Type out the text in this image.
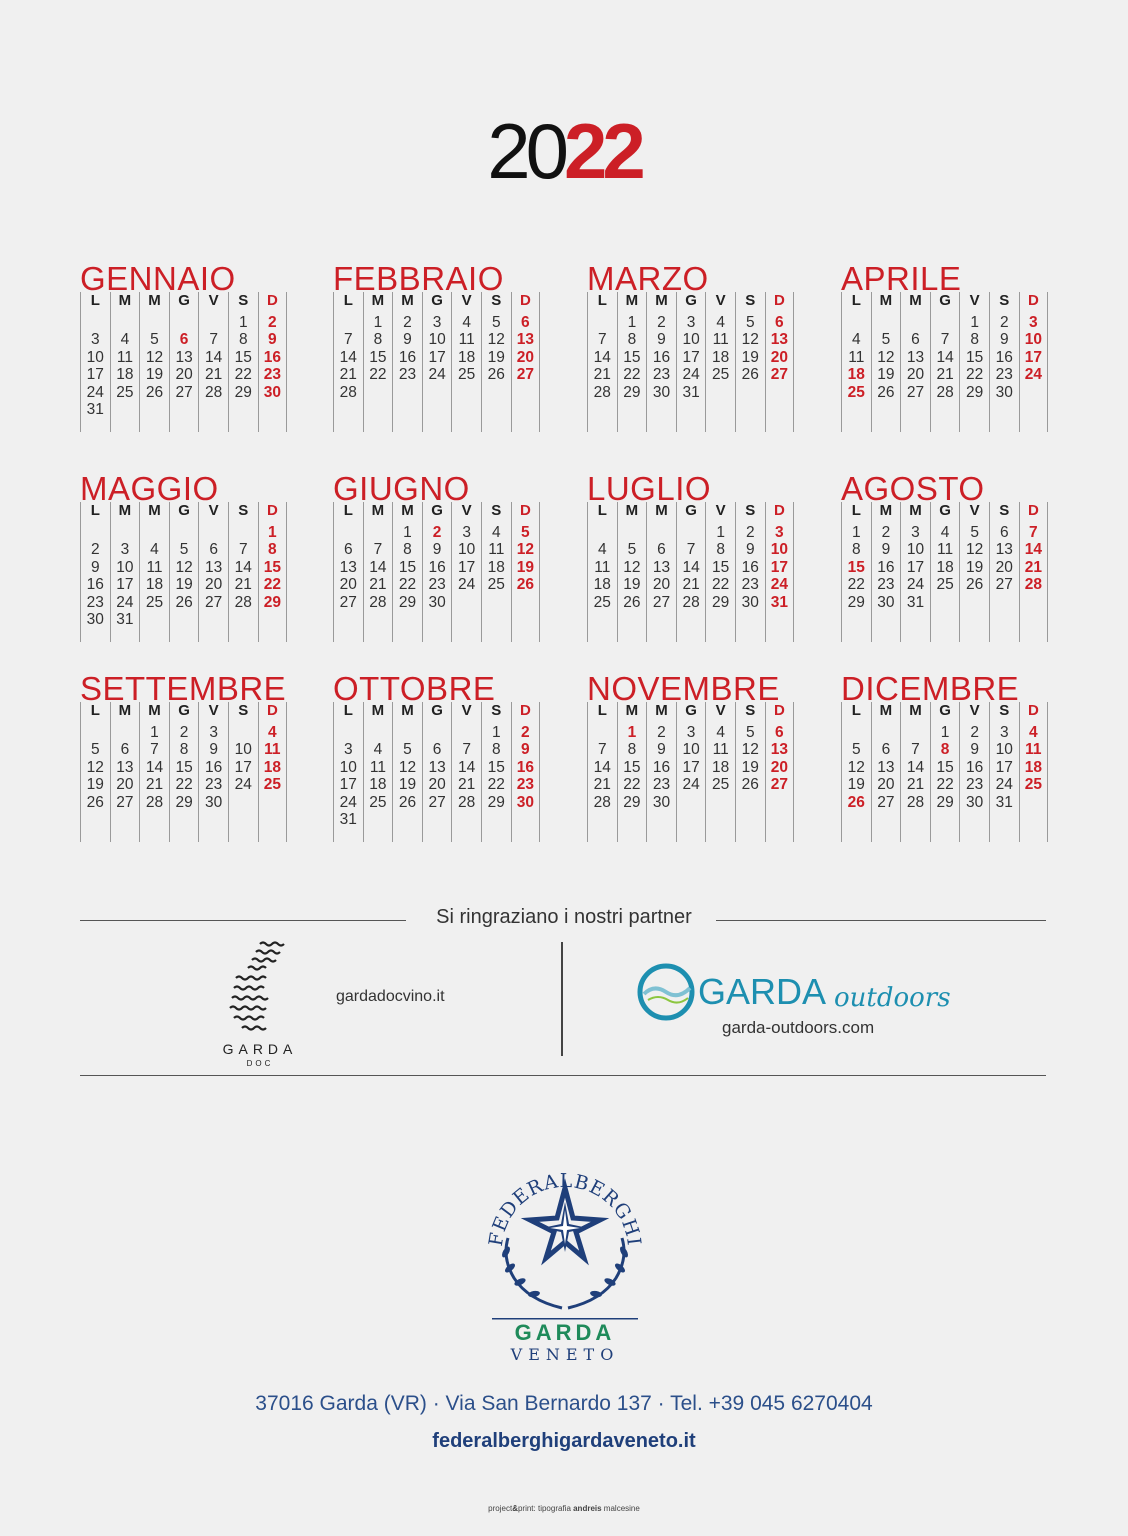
2022
GENNAIO
L
3
10
17
24
31
M
4
11
18
25
M
5
12
19
26
G
6
13
20
27
V
7
14
21
28
S
1
8
15
22
29
D
2
9
16
23
30
FEBBRAIO
L
7
14
21
28
M
1
8
15
22
M
2
9
16
23
G
3
10
17
24
V
4
11
18
25
S
5
12
19
26
D
6
13
20
27
MARZO
L
7
14
21
28
M
1
8
15
22
29
M
2
9
16
23
30
G
3
10
17
24
31
V
4
11
18
25
S
5
12
19
26
D
6
13
20
27
APRILE
L
4
11
18
25
M
5
12
19
26
M
6
13
20
27
G
7
14
21
28
V
1
8
15
22
29
S
2
9
16
23
30
D
3
10
17
24
MAGGIO
L
2
9
16
23
30
M
3
10
17
24
31
M
4
11
18
25
G
5
12
19
26
V
6
13
20
27
S
7
14
21
28
D
1
8
15
22
29
GIUGNO
L
6
13
20
27
M
7
14
21
28
M
1
8
15
22
29
G
2
9
16
23
30
V
3
10
17
24
S
4
11
18
25
D
5
12
19
26
LUGLIO
L
4
11
18
25
M
5
12
19
26
M
6
13
20
27
G
7
14
21
28
V
1
8
15
22
29
S
2
9
16
23
30
D
3
10
17
24
31
AGOSTO
L
1
8
15
22
29
M
2
9
16
23
30
M
3
10
17
24
31
G
4
11
18
25
V
5
12
19
26
S
6
13
20
27
D
7
14
21
28
SETTEMBRE
L
5
12
19
26
M
6
13
20
27
M
1
7
14
21
28
G
2
8
15
22
29
V
3
9
16
23
30
S
10
17
24
D
4
11
18
25
OTTOBRE
L
3
10
17
24
31
M
4
11
18
25
M
5
12
19
26
G
6
13
20
27
V
7
14
21
28
S
1
8
15
22
29
D
2
9
16
23
30
NOVEMBRE
L
7
14
21
28
M
1
8
15
22
29
M
2
9
16
23
30
G
3
10
17
24
V
4
11
18
25
S
5
12
19
26
D
6
13
20
27
DICEMBRE
L
5
12
19
26
M
6
13
20
27
M
7
14
21
28
G
1
8
15
22
29
V
2
9
16
23
30
S
3
10
17
24
31
D
4
11
18
25
Si ringraziano i nostri partner
GARDA
DOC
gardadocvino.it	GARDA outdoors
garda-outdoors.com
FEDERALBERGHI
GARDA
VENETO
37016 Garda (VR) · Via San Bernardo 137 · Tel. +39 045 6270404
federalberghigardaveneto.it
project&print: tipografia andreis malcesine
